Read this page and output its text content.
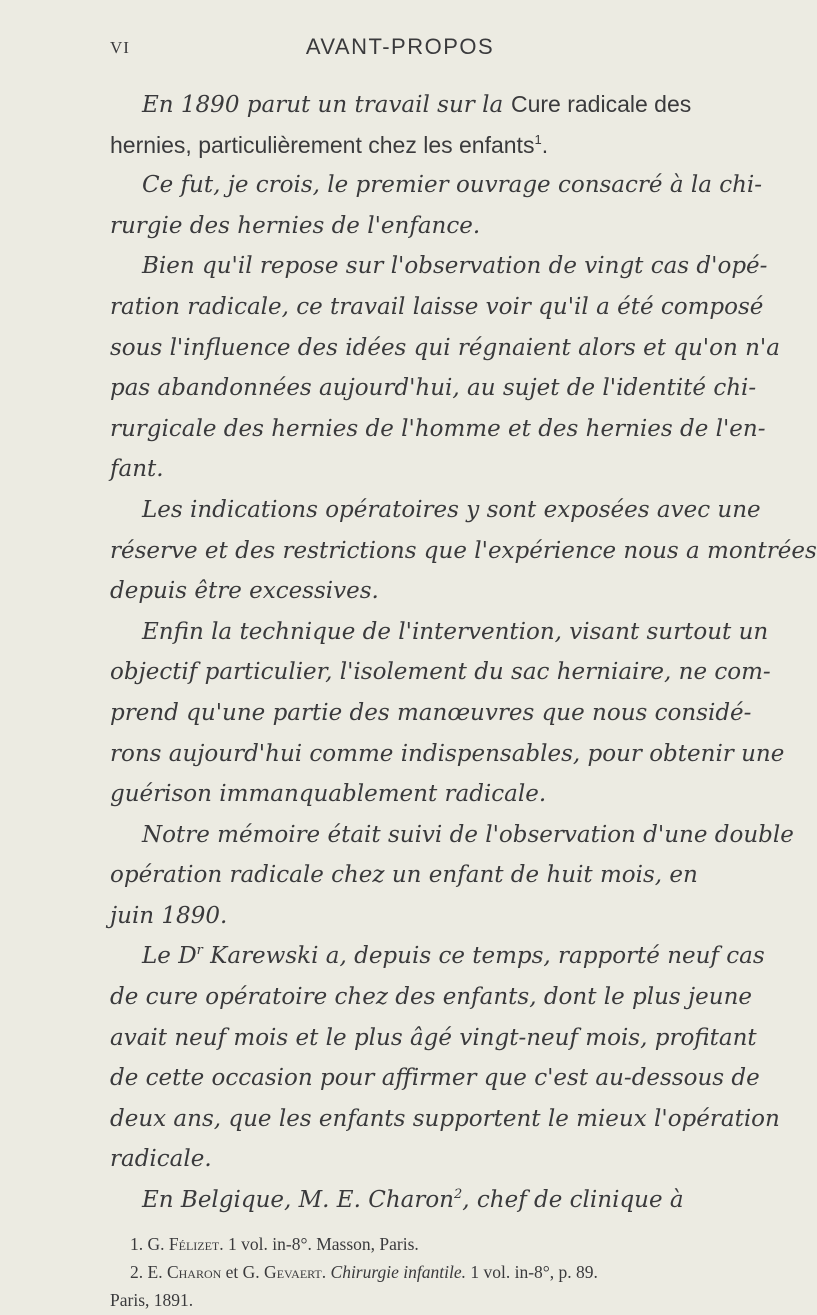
VI	AVANT-PROPOS
En 1890 parut un travail sur la Cure radicale des
hernies, particulièrement chez les enfants$^1$.
Ce fut, je crois, le premier ouvrage consacré à la chi-
rurgie des hernies de l'enfance.
Bien qu'il repose sur l'observation de vingt cas d'opé-
ration radicale, ce travail laisse voir qu'il a été composé
sous l'influence des idées qui régnaient alors et qu'on n'a
pas abandonnées aujourd'hui, au sujet de l'identité chi-
rurgicale des hernies de l'homme et des hernies de l'en-
fant.
Les indications opératoires y sont exposées avec une
réserve et des restrictions que l'expérience nous a montrées
depuis être excessives.
Enfin la technique de l'intervention, visant surtout un
objectif particulier, l'isolement du sac herniaire, ne com-
prend qu'une partie des manœuvres que nous considé-
rons aujourd'hui comme indispensables, pour obtenir une
guérison immanquablement radicale.
Notre mémoire était suivi de l'observation d'une double
opération radicale chez un enfant de huit mois, en
juin 1890.
Le $D^r$ Karewski a, depuis ce temps, rapporté neuf cas
de cure opératoire chez des enfants, dont le plus jeune
avait neuf mois et le plus âgé vingt-neuf mois, profitant
de cette occasion pour affirmer que c'est au-dessous de
deux ans, que les enfants supportent le mieux l'opération
radicale.
En Belgique, M. E. Charon$^2$, chef de clinique à
1. G. Félizet. 1 vol. in-8°. Masson, Paris.
2. E. Charon et G. Gevaert. Chirurgie infantile. 1 vol. in-8°, p. 89.
Paris, 1891.
